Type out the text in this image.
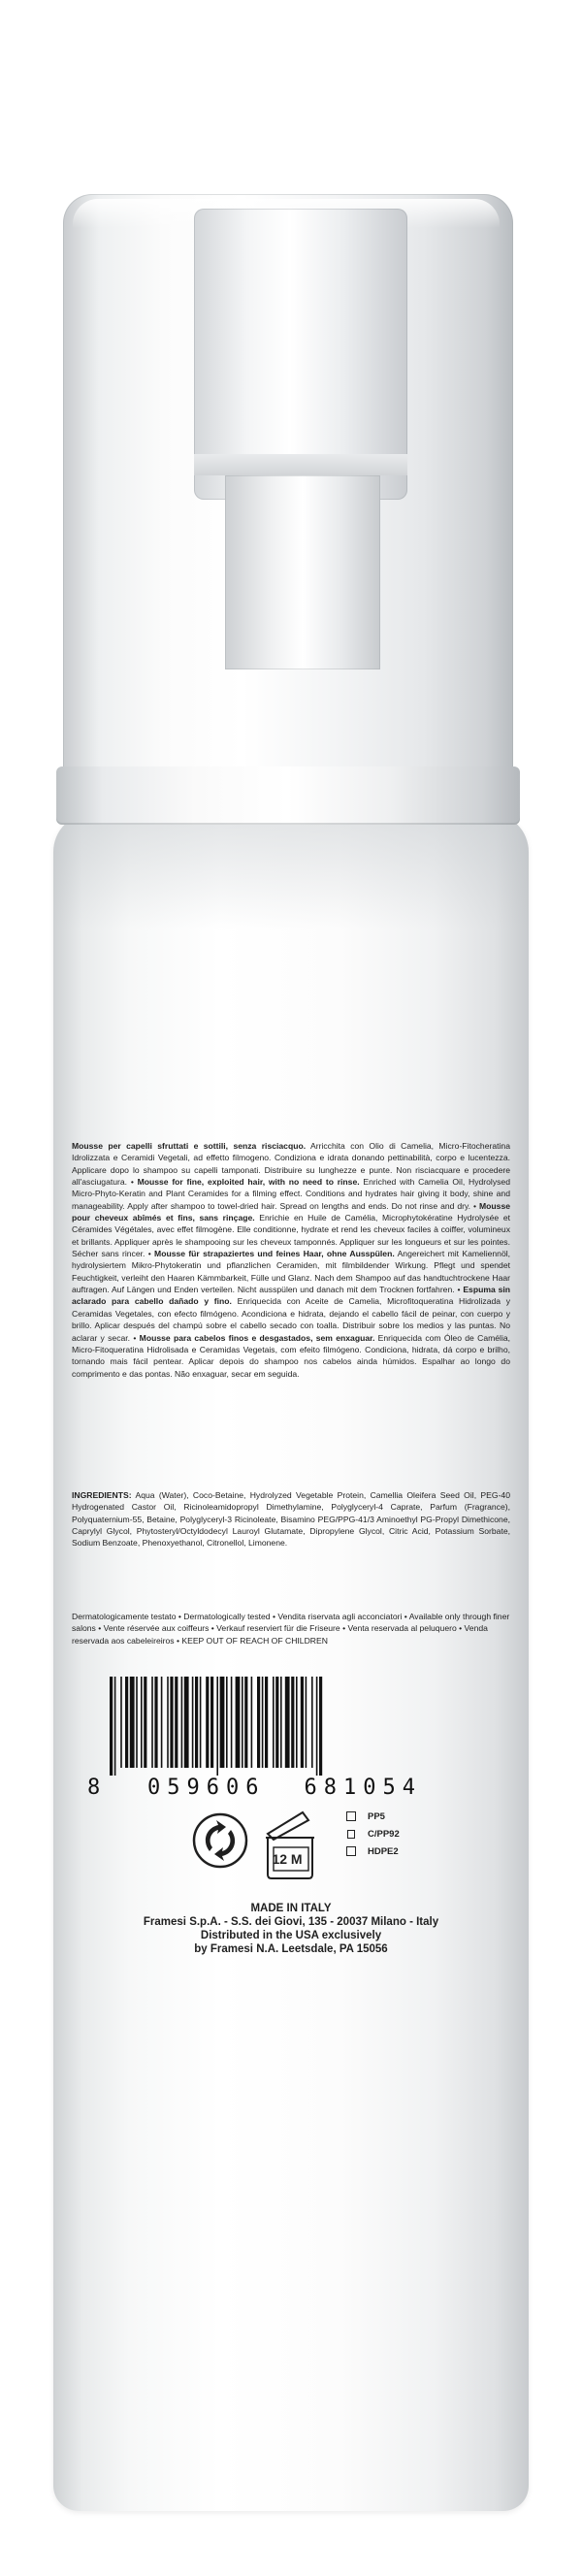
Mousse per capelli sfruttati e sottili, senza risciacquo. Arricchita con Olio di Camelia, Micro-Fitocheratina Idrolizzata e Ceramidi Vegetali, ad effetto filmogeno. Condiziona e idrata donando pettinabilità, corpo e lucentezza. Applicare dopo lo shampoo su capelli tamponati. Distribuire su lunghezze e punte. Non risciacquare e procedere all'asciugatura. • Mousse for fine, exploited hair, with no need to rinse. Enriched with Camelia Oil, Hydrolysed Micro-Phyto-Keratin and Plant Ceramides for a filming effect. Conditions and hydrates hair giving it body, shine and manageability. Apply after shampoo to towel-dried hair. Spread on lengths and ends. Do not rinse and dry. • Mousse pour cheveux abîmés et fins, sans rinçage. Enrichie en Huile de Camélia, Microphytokératine Hydrolysée et Céramides Végétales, avec effet filmogène. Elle conditionne, hydrate et rend les cheveux faciles à coiffer, volumineux et brillants. Appliquer après le shampooing sur les cheveux tamponnés. Appliquer sur les longueurs et sur les pointes. Sécher sans rincer. • Mousse für strapaziertes und feines Haar, ohne Ausspülen. Angereichert mit Kameliennöl, hydrolysiertem Mikro-Phytokeratin und pflanzlichen Ceramiden, mit filmbildender Wirkung. Pflegt und spendet Feuchtigkeit, verleiht den Haaren Kämmbarkeit, Fülle und Glanz. Nach dem Shampoo auf das handtuchtrockene Haar auftragen. Auf Längen und Enden verteilen. Nicht ausspülen und danach mit dem Trocknen fortfahren. • Espuma sin aclarado para cabello dañado y fino. Enriquecida con Aceite de Camelia, Microfitoqueratina Hidrolizada y Ceramidas Vegetales, con efecto filmógeno. Acondiciona e hidrata, dejando el cabello fácil de peinar, con cuerpo y brillo. Aplicar después del champú sobre el cabello secado con toalla. Distribuir sobre los medios y las puntas. No aclarar y secar. • Mousse para cabelos finos e desgastados, sem enxaguar. Enriquecida com Óleo de Camélia, Micro-Fitoqueratina Hidrolisada e Ceramidas Vegetais, com efeito filmógeno. Condiciona, hidrata, dá corpo e brilho, tornando mais fácil pentear. Aplicar depois do shampoo nos cabelos ainda húmidos. Espalhar ao longo do comprimento e das pontas. Não enxaguar, secar em seguida.
INGREDIENTS: Aqua (Water), Coco-Betaine, Hydrolyzed Vegetable Protein, Camellia Oleifera Seed Oil, PEG-40 Hydrogenated Castor Oil, Ricinoleamidopropyl Dimethylamine, Polyglyceryl-4 Caprate, Parfum (Fragrance), Polyquaternium-55, Betaine, Polyglyceryl-3 Ricinoleate, Bisamino PEG/PPG-41/3 Aminoethyl PG-Propyl Dimethicone, Caprylyl Glycol, Phytosteryl/Octyldodecyl Lauroyl Glutamate, Dipropylene Glycol, Citric Acid, Potassium Sorbate, Sodium Benzoate, Phenoxyethanol, Citronellol, Limonene.
Dermatologicamente testato • Dermatologically tested • Vendita riservata agli acconciatori • Available only through finer salons • Vente réservée aux coiffeurs • Verkauf reserviert für die Friseure • Venta reservada al peluquero • Venda reservada aos cabeleireiros • KEEP OUT OF REACH OF CHILDREN
8	059606 681054
12 M
PP5
C/PP92
HDPE2
MADE IN ITALY
Framesi S.p.A. - S.S. dei Giovi, 135 - 20037 Milano - Italy
Distributed in the USA exclusively
by Framesi N.A. Leetsdale, PA 15056
